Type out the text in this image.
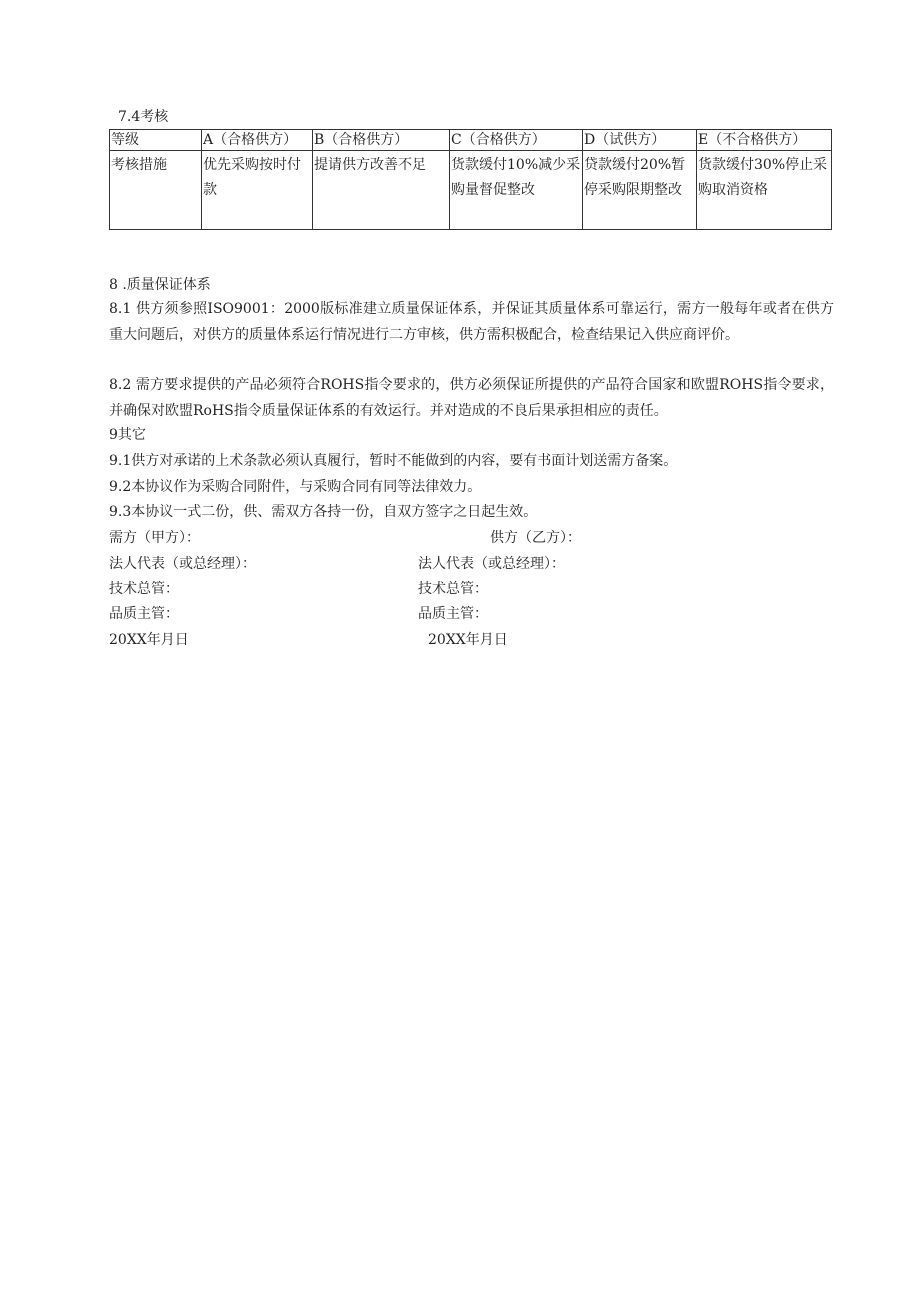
7.4考核
等级	A（合格供方）	B（合格供方）	C（合格供方）	D（试供方）	E（不合格供方）
考核措施	优先采购按时付款	提请供方改善不足	货款缓付10%减少采购量督促整改	贷款缓付20%暂停采购限期整改	货款缓付30%停止采购取消资格
8 .质量保证体系
8.1 供方须参照ISO9001：2000版标准建立质量保证体系，并保证其质量体系可靠运行，需方一般每年或者在供方重大问题后，对供方的质量体系运行情况进行二方审核，供方需积极配合，检查结果记入供应商评价。
8.2 需方要求提供的产品必须符合ROHS指令要求的，供方必须保证所提供的产品符合国家和欧盟ROHS指令要求，并确保对欧盟RoHS指令质量保证体系的有效运行。并对造成的不良后果承担相应的责任。
9其它
9.1供方对承诺的上术条款必须认真履行，暂时不能做到的内容，要有书面计划送需方备案。
9.2本协议作为采购合同附件，与采购合同有同等法律效力。
9.3本协议一式二份，供、需双方各持一份，自双方签字之日起生效。
需方（甲方）：	供方（乙方）：
法人代表（或总经理）：	法人代表（或总经理）：
技术总管：	技术总管：
品质主管：	品质主管：
20XX年月日	20XX年月日
